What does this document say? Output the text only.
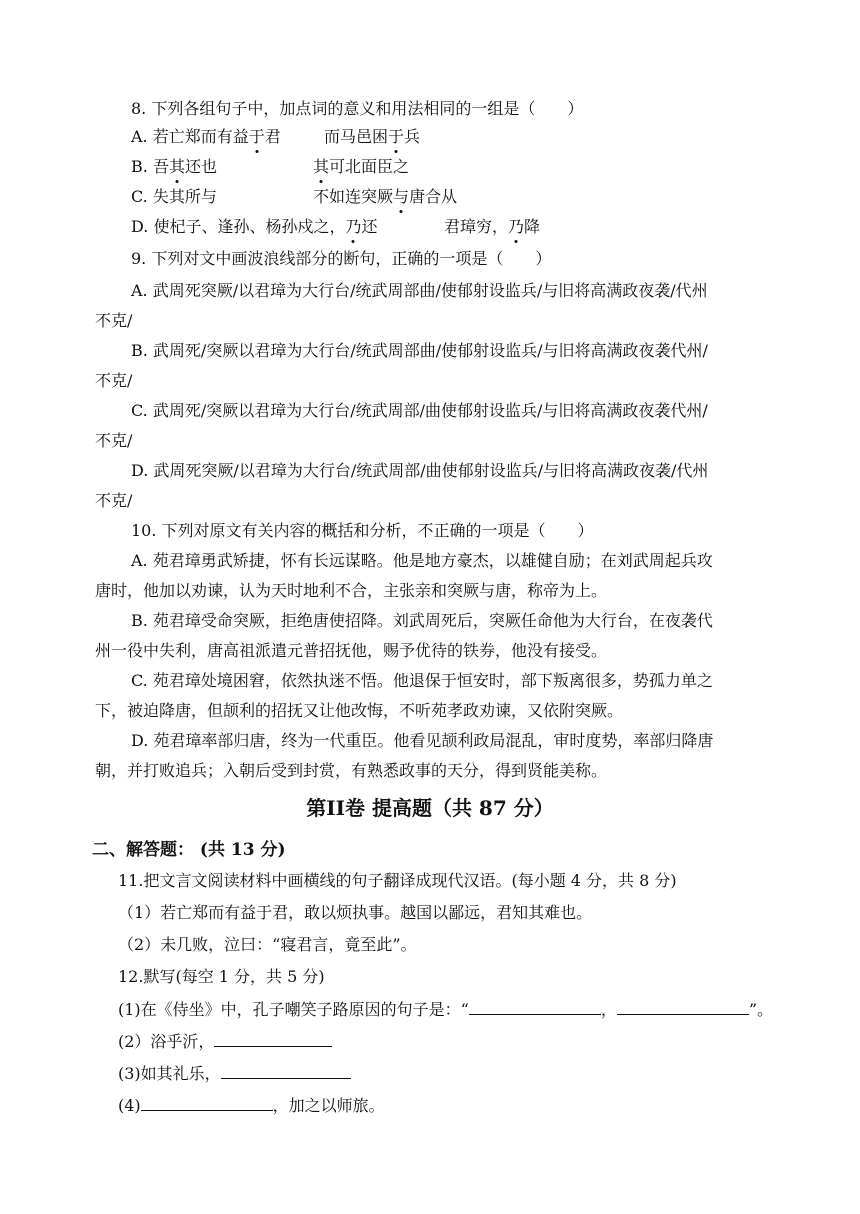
8. 下列各组句子中，加点词的意义和用法相同的一组是（　　）
A. 若亡郑而有益于君	而马邑困于兵
B. 吾其还也	其可北面臣之
C. 失其所与	不如连突厥与唐合从
D. 使杞子、逢孙、杨孙戍之，乃还	君璋穷，乃降
9. 下列对文中画波浪线部分的断句，正确的一项是（　　）
A. 武周死突厥/以君璋为大行台/统武周部曲/使郁射设监兵/与旧将高满政夜袭/代州
不克/
B. 武周死/突厥以君璋为大行台/统武周部曲/使郁射设监兵/与旧将高满政夜袭代州/
不克/
C. 武周死/突厥以君璋为大行台/统武周部/曲使郁射设监兵/与旧将高满政夜袭代州/
不克/
D. 武周死突厥/以君璋为大行台/统武周部/曲使郁射设监兵/与旧将高满政夜袭/代州
不克/
10. 下列对原文有关内容的概括和分析，不正确的一项是（　　）
A. 苑君璋勇武矫捷，怀有长远谋略。他是地方豪杰，以雄健自励；在刘武周起兵攻
唐时，他加以劝谏，认为天时地利不合，主张亲和突厥与唐，称帝为上。
B. 苑君璋受命突厥，拒绝唐使招降。刘武周死后，突厥任命他为大行台，在夜袭代
州一役中失利，唐高祖派遣元普招抚他，赐予优待的铁券，他没有接受。
C. 苑君璋处境困窘，依然执迷不悟。他退保于恒安时，部下叛离很多，势孤力单之
下，被迫降唐，但颉利的招抚又让他改悔，不听苑孝政劝谏，又依附突厥。
D. 苑君璋率部归唐，终为一代重臣。他看见颉利政局混乱，审时度势，率部归降唐
朝，并打败追兵；入朝后受到封赏，有熟悉政事的天分，得到贤能美称。
第II卷 提高题（共 87 分）
二、解答题： (共 13 分)
11.把文言文阅读材料中画横线的句子翻译成现代汉语。(每小题 4 分，共 8 分)
（1）若亡郑而有益于君，敢以烦执事。越国以鄙远，君知其难也。
（2）未几败，泣曰：“寝君言，竟至此”。
12.默写(每空 1 分，共 5 分)
(1)在《侍坐》中，孔子嘲笑子路原因的句子是：“	，	”。
(2）浴乎沂，
(3)如其礼乐，
(4)	，加之以师旅。
